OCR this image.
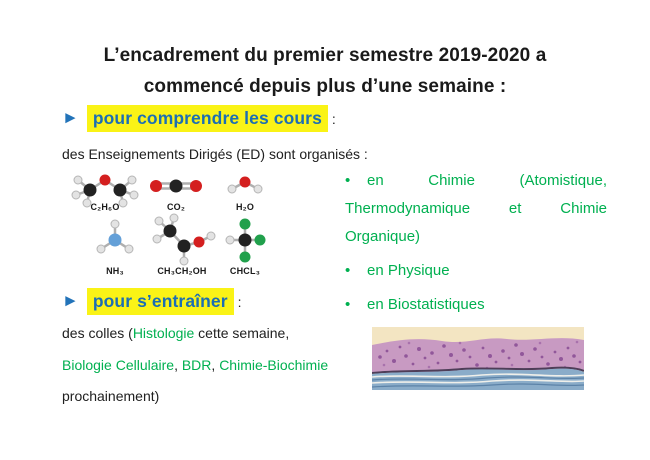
L’encadrement du premier semestre 2019-2020 a
commencé depuis plus d’une semaine :
► pour comprendre les cours :
des Enseignements Dirigés (ED) sont organisés :
C₂H₆O	CO₂	H₂O
NH₃	CH₃CH₂OH	CHCL₃
• en Chimie (Atomistique, Thermodynamique et Chimie Organique)
• en Physique
• en Biostatistiques
► pour s’entraîner :
des colles (Histologie cette semaine,
Biologie Cellulaire, BDR, Chimie-Biochimie
prochainement)
